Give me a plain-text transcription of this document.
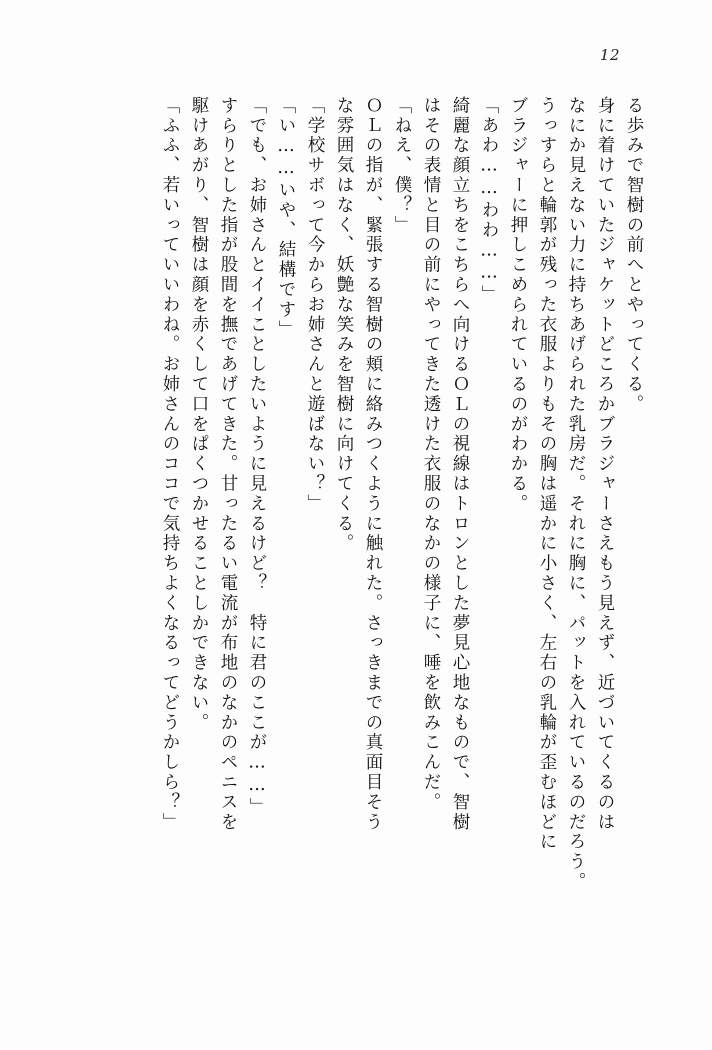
12
る歩みで智樹の前へとやってくる。
身に着けていたジャケットどころかブラジャーさえもう見えず、近づいてくるのは
なにか見えない力に持ちあげられた乳房だ。それに胸に、パットを入れているのだろう。
うっすらと輪郭が残った衣服よりもその胸は遥かに小さく、左右の乳輪が歪むほどに
ブラジャーに押しこめられているのがわかる。
「あわ……わわ……」
綺麗な顔立ちをこちらへ向けるＯＬの視線はトロンとした夢見心地なもので、智樹
はその表情と目の前にやってきた透けた衣服のなかの様子に、唾を飲みこんだ。
「ねえ、僕？」
ＯＬの指が、緊張する智樹の頬に絡みつくように触れた。さっきまでの真面目そう
な雰囲気はなく、妖艶な笑みを智樹に向けてくる。
「学校サボって今からお姉さんと遊ばない？」
「い……いや、結構です」
「でも、お姉さんとイイことしたいように見えるけど？　特に君のここが……」
すらりとした指が股間を撫であげてきた。甘ったるい電流が布地のなかのペニスを
駆けあがり、智樹は顔を赤くして口をぱくつかせることしかできない。
「ふふ、若いっていいわね。お姉さんのココで気持ちよくなるってどうかしら？」
